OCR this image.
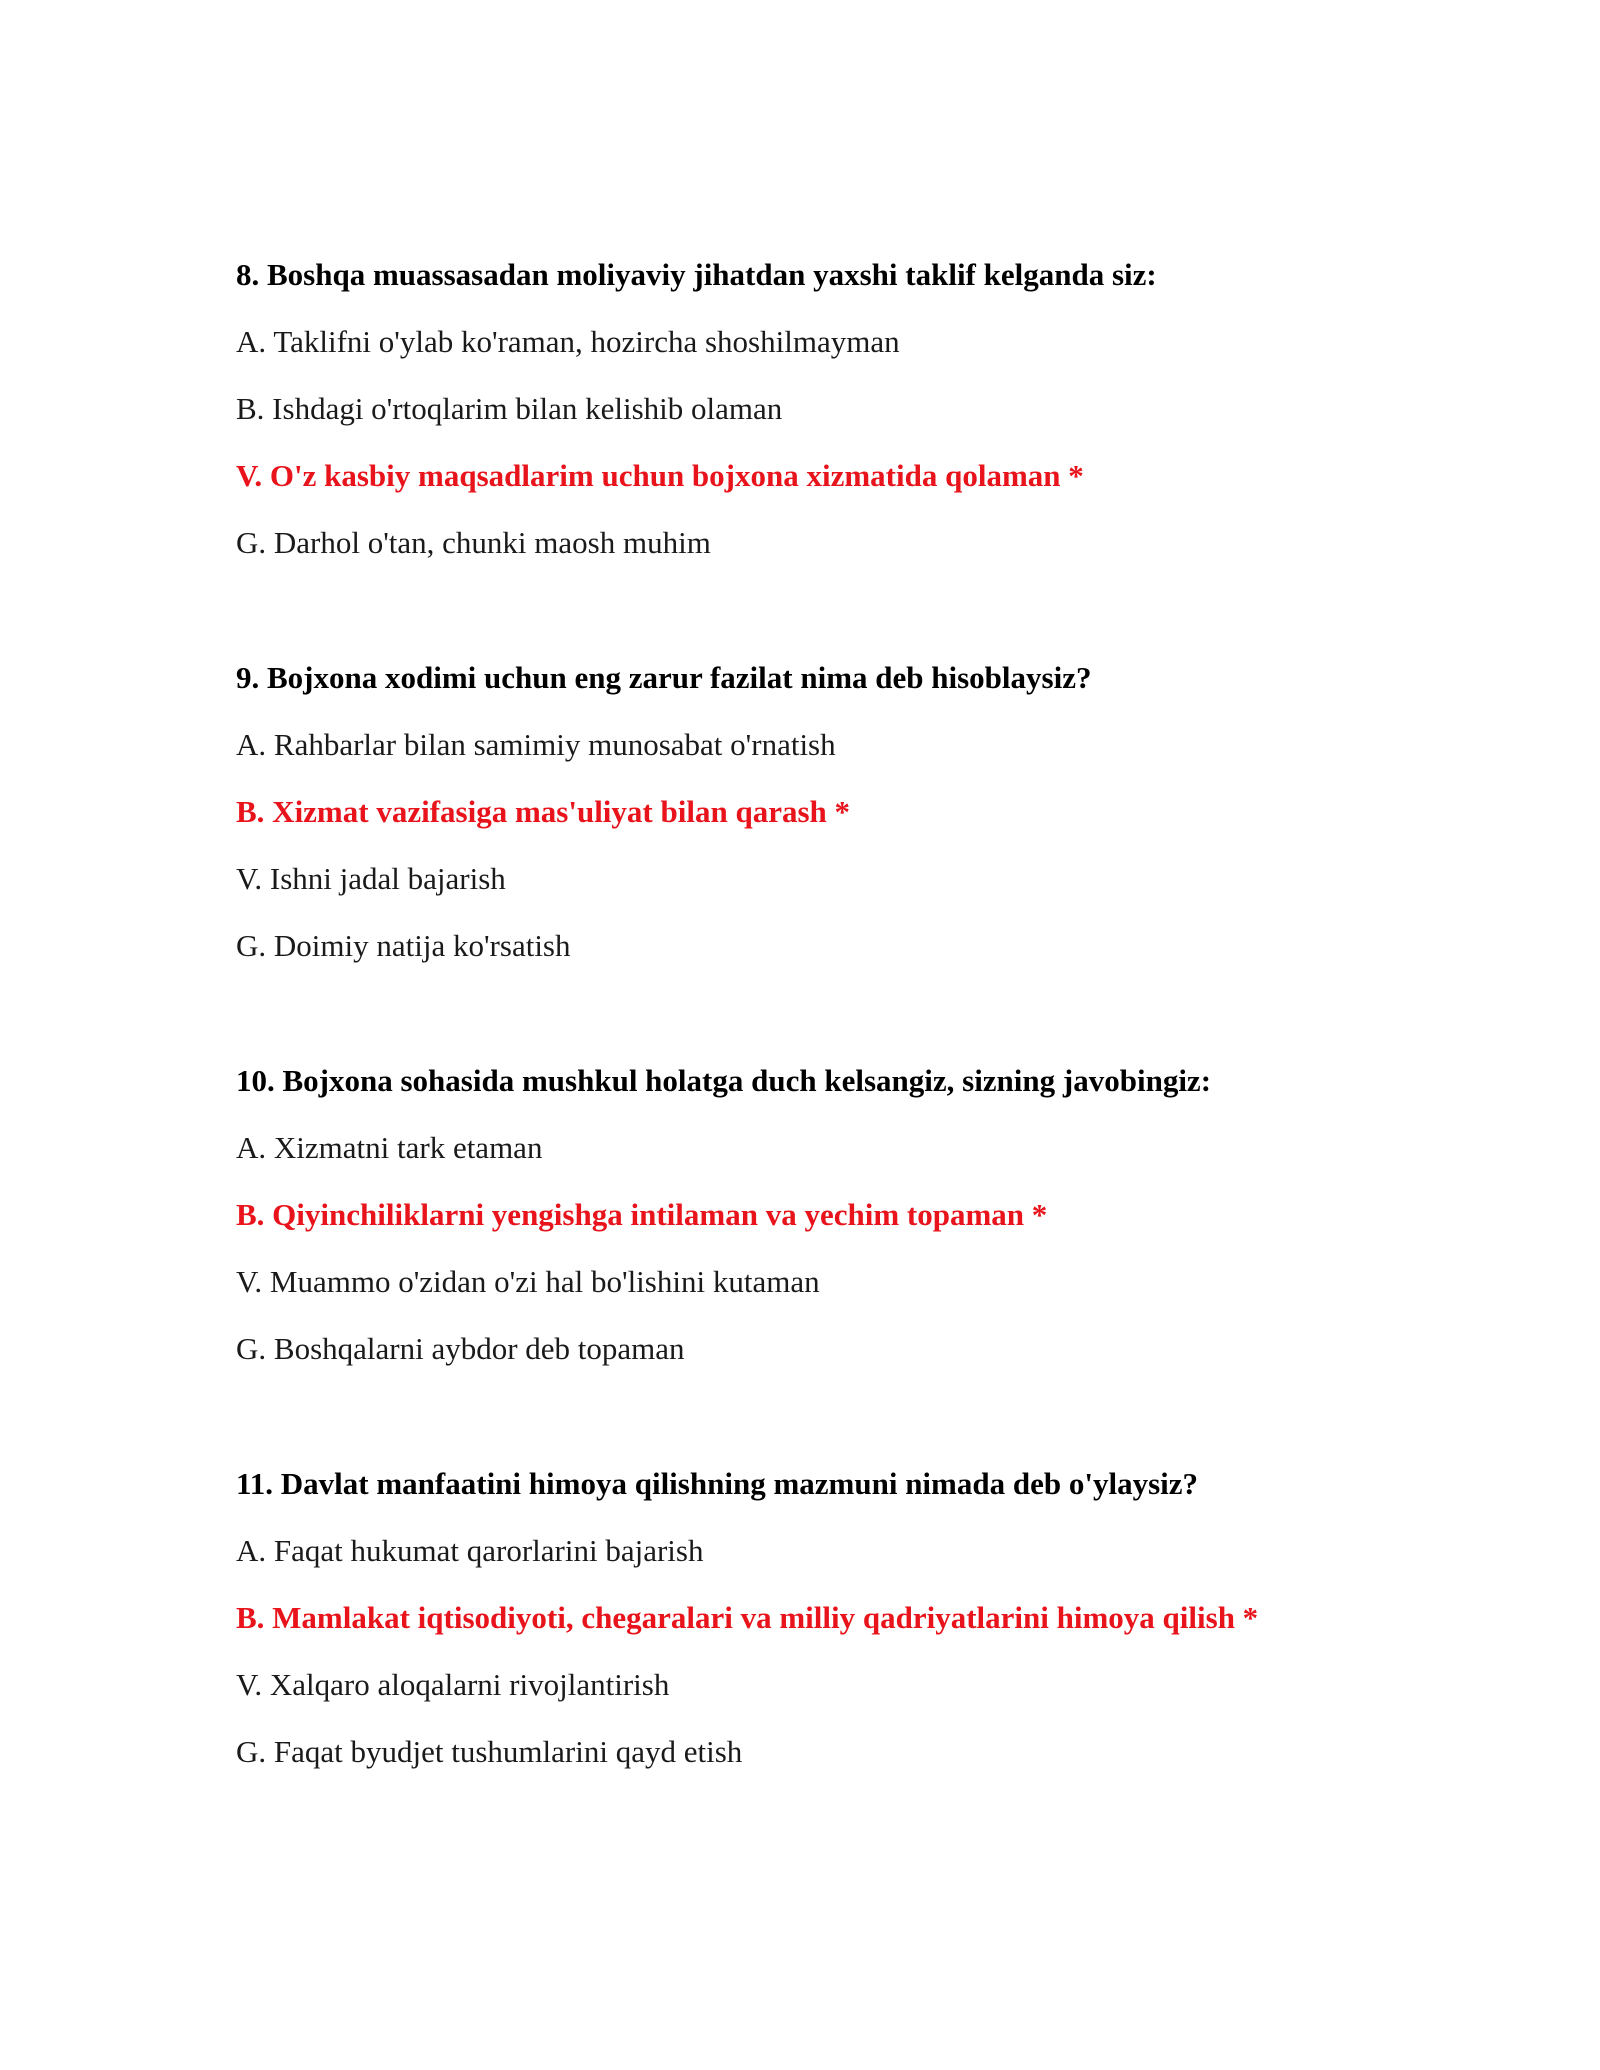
8. Boshqa muassasadan moliyaviy jihatdan yaxshi taklif kelganda siz:
A. Taklifni o'ylab ko'raman, hozircha shoshilmayman
B. Ishdagi o'rtoqlarim bilan kelishib olaman
V. O'z kasbiy maqsadlarim uchun bojxona xizmatida qolaman *
G. Darhol o'tan, chunki maosh muhim
9. Bojxona xodimi uchun eng zarur fazilat nima deb hisoblaysiz?
A. Rahbarlar bilan samimiy munosabat o'rnatish
B. Xizmat vazifasiga mas'uliyat bilan qarash *
V. Ishni jadal bajarish
G. Doimiy natija ko'rsatish
10. Bojxona sohasida mushkul holatga duch kelsangiz, sizning javobingiz:
A. Xizmatni tark etaman
B. Qiyinchiliklarni yengishga intilaman va yechim topaman *
V. Muammo o'zidan o'zi hal bo'lishini kutaman
G. Boshqalarni aybdor deb topaman
11. Davlat manfaatini himoya qilishning mazmuni nimada deb o'ylaysiz?
A. Faqat hukumat qarorlarini bajarish
B. Mamlakat iqtisodiyoti, chegaralari va milliy qadriyatlarini himoya qilish *
V. Xalqaro aloqalarni rivojlantirish
G. Faqat byudjet tushumlarini qayd etish
